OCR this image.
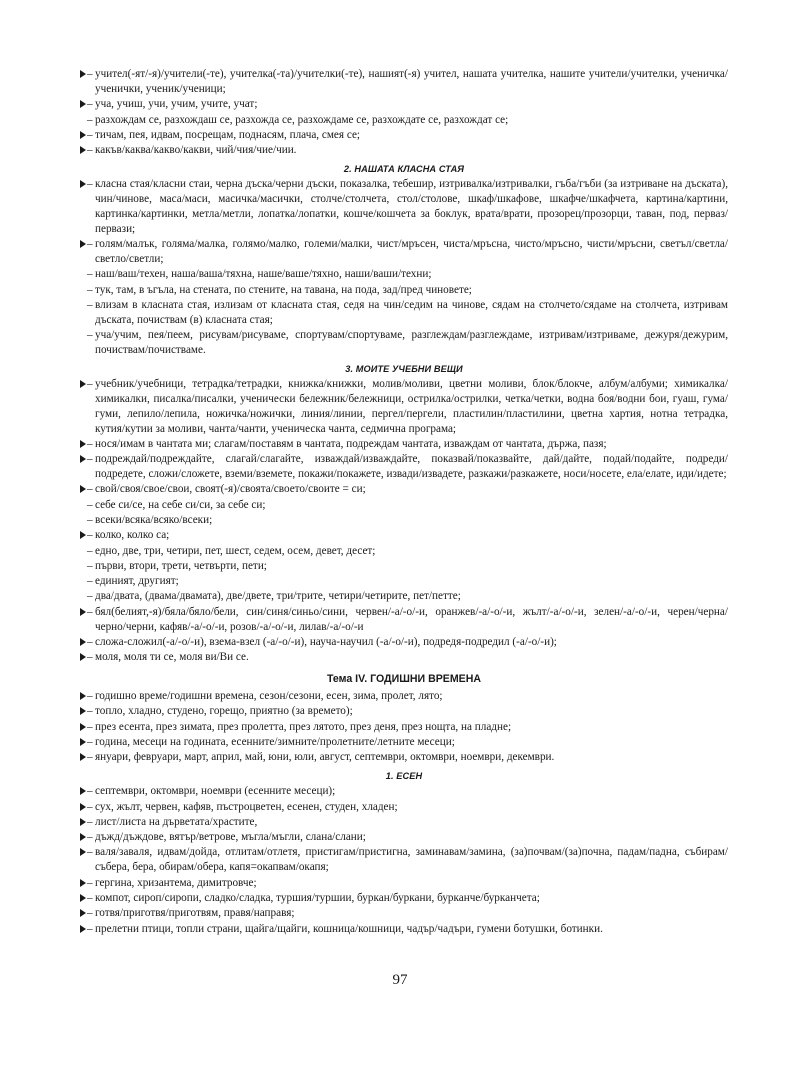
– учител(-ят/-я)/учители(-те), учителка(-та)/учителки(-те), нашият(-я) учител, нашата учителка, нашите учители/учителки, ученичка/ученички, ученик/ученици;
– уча, учиш, учи, учим, учите, учат;
– разхождам се, разхождаш се, разхожда се, разхождаме се, разхождате се, разхождат се;
– тичам, пея, идвам, посрещам, поднасям, плача, смея се;
– какъв/каква/какво/какви, чий/чия/чие/чии.
2. НАШАТА КЛАСНА СТАЯ
– класна стая/класни стаи, черна дъска/черни дъски, показалка, тебешир, изтривалка/изтривалки, гъба/гъби (за изтриване на дъската), чин/чинове, маса/маси, масичка/масички, столче/столчета, стол/столове, шкаф/шкафове, шкафче/шкафчета, картина/картини, картинка/картинки, метла/метли, лопатка/лопатки, кошче/кошчета за боклук, врата/врати, прозорец/прозорци, таван, под, перваз/первази;
– голям/малък, голяма/малка, голямо/малко, големи/малки, чист/мръсен, чиста/мръсна, чисто/мръсно, чисти/мръсни, светъл/светла/светло/светли;
– наш/ваш/техен, наша/ваша/тяхна, наше/ваше/тяхно, наши/ваши/техни;
– тук, там, в ъгъла, на стената, по стените, на тавана, на пода, зад/пред чиновете;
– влизам в класната стая, излизам от класната стая, седя на чин/седим на чинове, сядам на столчето/сядаме на столчета, изтривам дъската, почиствам (в) класната стая;
– уча/учим, пея/пеем, рисувам/рисуваме, спортувам/спортуваме, разглеждам/разглеждаме, изтривам/изтриваме, дежуря/дежурим, почиствам/почистваме.
3. МОИТЕ УЧЕБНИ ВЕЩИ
– учебник/учебници, тетрадка/тетрадки, книжка/книжки, молив/моливи, цветни моливи, блок/блокче, албум/албуми; химикалка/химикалки, писалка/писалки, ученически бележник/бележници, острилка/острилки, четка/четки, водна боя/водни бои, гуаш, гума/гуми, лепило/лепила, ножичка/ножички, линия/линии, пергел/пергели, пластилин/пластилини, цветна хартия, нотна тетрадка, кутия/кутии за моливи, чанта/чанти, ученическа чанта, седмична програма;
– нося/имам в чантата ми; слагам/поставям в чантата, подреждам чантата, изваждам от чантата, държа, пазя;
– подреждай/подреждайте, слагай/слагайте, изваждай/изваждайте, показвай/показвайте, дай/дайте, подай/подайте, подреди/подредете, сложи/сложете, вземи/вземете, покажи/покажете, извади/извадете, разкажи/разкажете, носи/носете, ела/елате, иди/идете;
– свой/своя/свое/свои, своят(-я)/своята/своето/своите = си;
– себе си/се, на себе си/си, за себе си;
– всеки/всяка/всяко/всеки;
– колко, колко са;
– едно, две, три, четири, пет, шест, седем, осем, девет, десет;
– първи, втори, трети, четвърти, пети;
– единият, другият;
– два/двата, (двама/двамата), две/двете, три/трите, четири/четирите, пет/петте;
– бял(белият,-я)/бяла/бяло/бели, син/синя/синьо/сини, червен/-а/-о/-и, оранжев/-а/-о/-и, жълт/-а/-о/-и, зелен/-а/-о/-и, черен/черна/черно/черни, кафяв/-а/-о/-и, розов/-а/-о/-и, лилав/-а/-о/-и
– сложа-сложил(-а/-о/-и), взема-взел (-а/-о/-и), науча-научил (-а/-о/-и), подредя-подредил (-а/-о/-и);
– моля, моля ти се, моля ви/Ви се.
Тема IV. ГОДИШНИ ВРЕМЕНА
– годишно време/годишни времена, сезон/сезони, есен, зима, пролет, лято;
– топло, хладно, студено, горещо, приятно (за времето);
– през есента, през зимата, през пролетта, през лятото, през деня, през нощта, на пладне;
– година, месеци на годината, есенните/зимните/пролетните/летните месеци;
– януари, февруари, март, април, май, юни, юли, август, септември, октомври, ноември, декември.
1. ЕСЕН
– септември, октомври, ноември (есенните месеци);
– сух, жълт, червен, кафяв, пъстроцветен, есенен, студен, хладен;
– лист/листа на дърветата/храстите,
– дъжд/дъждове, вятър/ветрове, мъгла/мъгли, слана/слани;
– валя/заваля, идвам/дойда, отлитам/отлетя, пристигам/пристигна, заминавам/замина, (за)почвам/(за)почна, падам/падна, събирам/събера, бера, обирам/обера, капя=окапвам/окапя;
– гергина, хризантема, димитровче;
– компот, сироп/сиропи, сладко/сладка, туршия/туршии, буркан/буркани, бурканче/бурканчета;
– готвя/приготвя/приготвям, правя/направя;
– прелетни птици, топли страни, щайга/щайги, кошница/кошници, чадър/чадъри, гумени ботушки, ботинки.
97
